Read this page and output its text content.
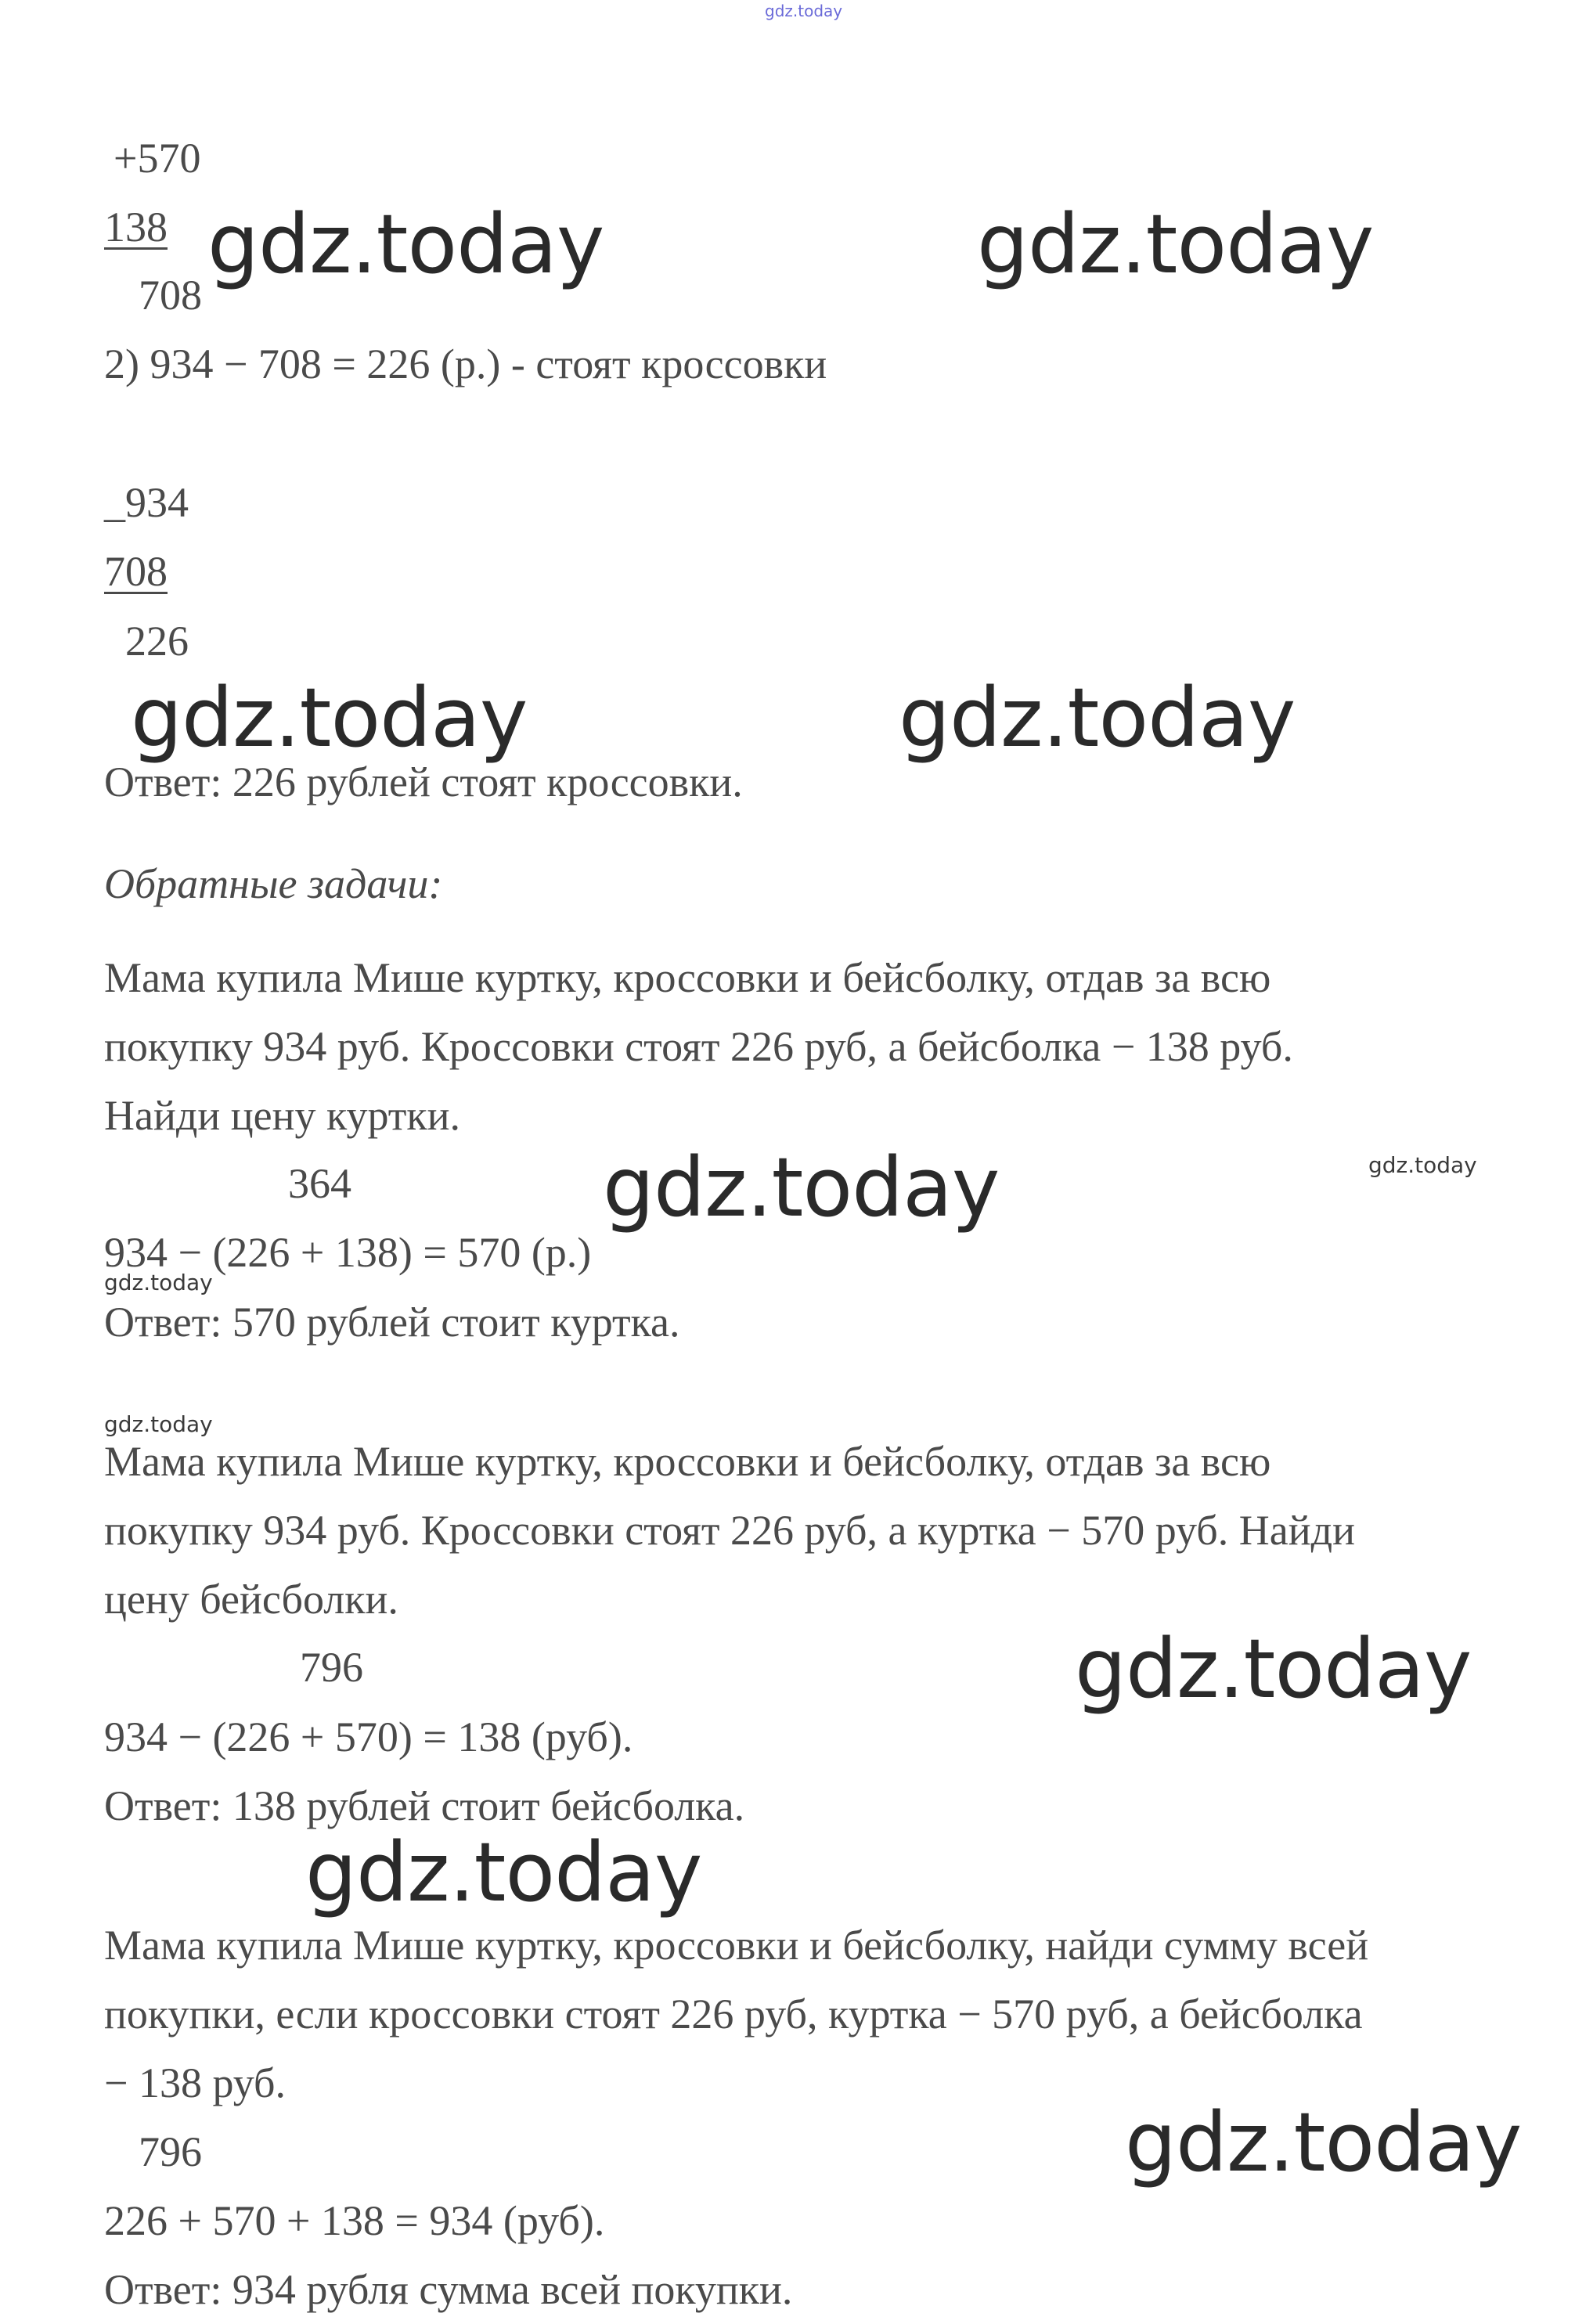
gdz.today
+570
138
708
gdz.today	gdz.today
2) 934 − 708 = 226 (р.) - стоят кроссовки
_934
708
226
gdz.today	gdz.today
Ответ: 226 рублей стоят кроссовки.
Обратные задачи:
Мама купила Мише куртку, кроссовки и бейсболку, отдав за всю
покупку 934 руб. Кроссовки стоят 226 руб, а бейсболка − 138 руб.
Найди цену куртки.
364	gdz.today	gdz.today
934 − (226 + 138) = 570 (р.)
gdz.today
Ответ: 570 рублей стоит куртка.
gdz.today
Мама купила Мише куртку, кроссовки и бейсболку, отдав за всю
покупку 934 руб. Кроссовки стоят 226 руб, а куртка − 570 руб. Найди
цену бейсболки.
796	gdz.today
934 − (226 + 570) = 138 (руб).
Ответ: 138 рублей стоит бейсболка.
gdz.today
Мама купила Мише куртку, кроссовки и бейсболку, найди сумму всей
покупки, если кроссовки стоят 226 руб, куртка − 570 руб, а бейсболка
− 138 руб.
796	gdz.today
226 + 570 + 138 = 934 (руб).
Ответ: 934 рубля сумма всей покупки.
